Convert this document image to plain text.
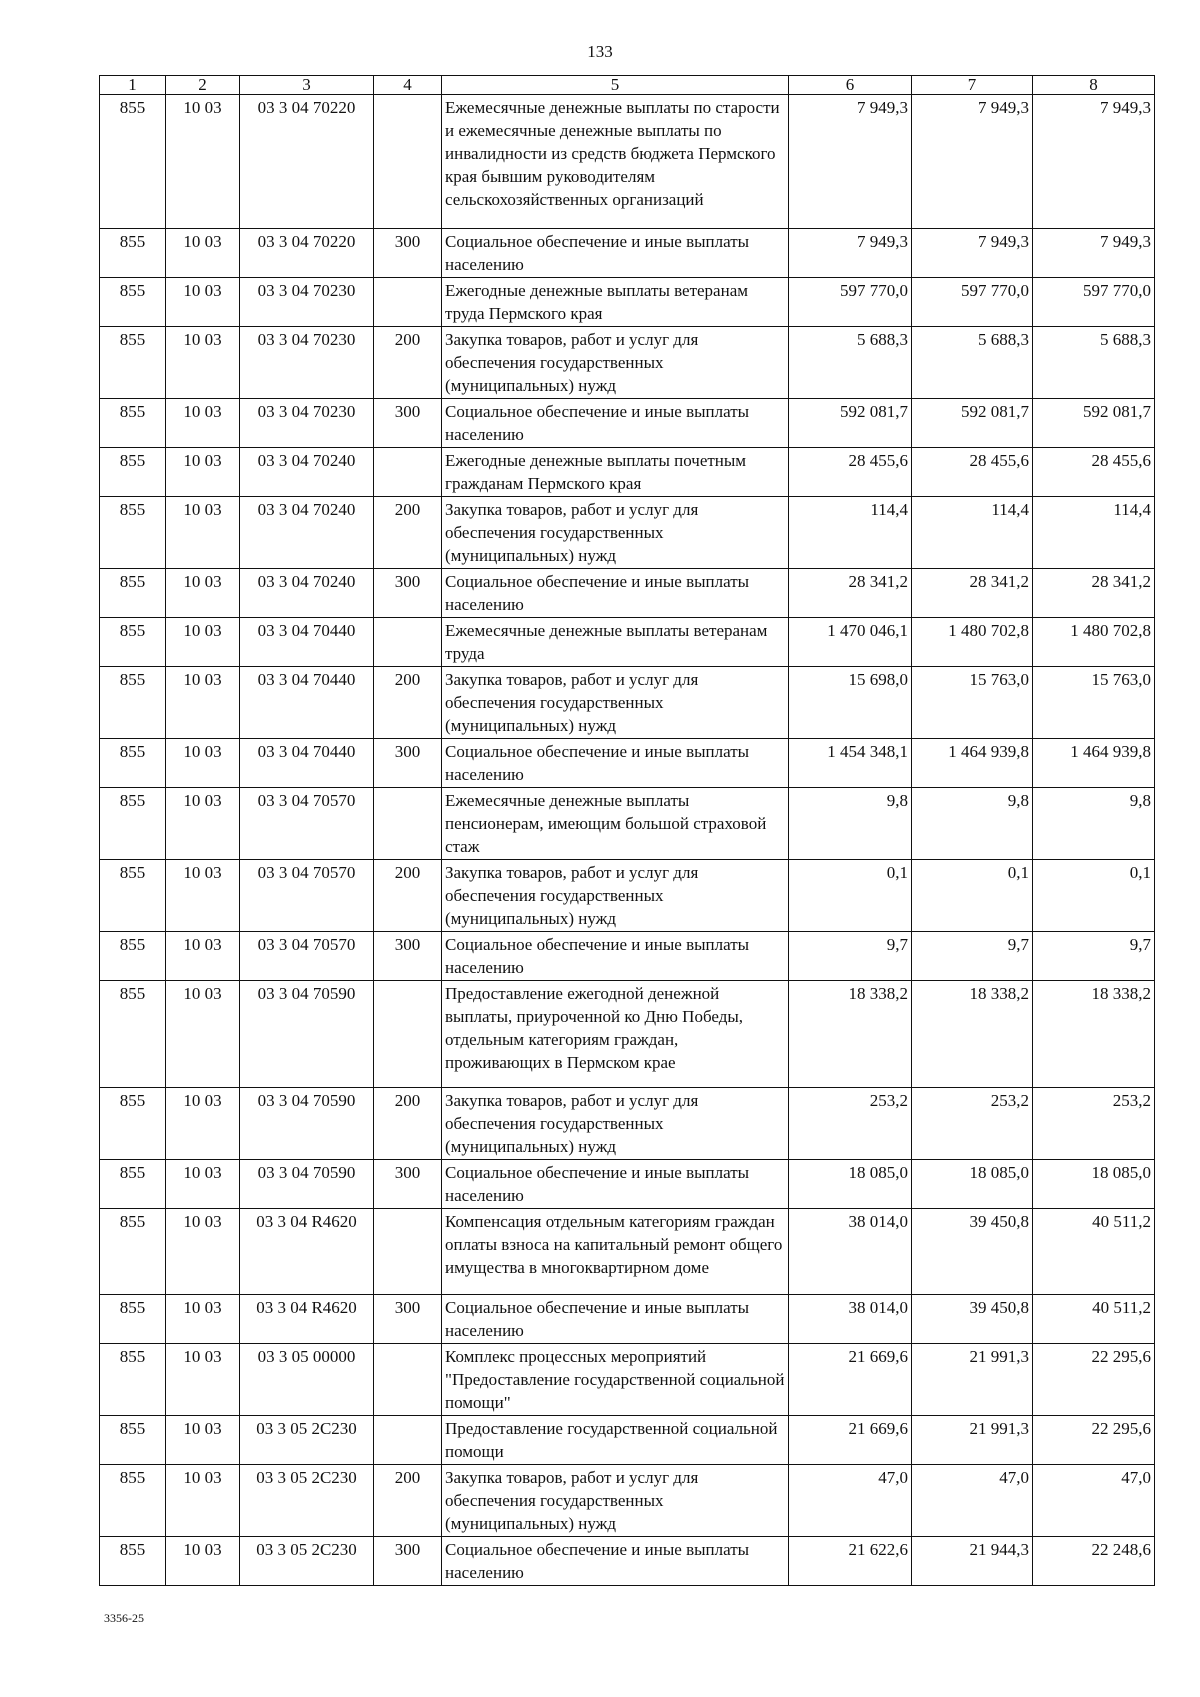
133
1	2	3	4	5	6	7	8
855	10 03	03 3 04 70220		Ежемесячные денежные выплаты по старости и ежемесячные денежные выплаты по инвалидности из средств бюджета Пермского края бывшим руководителям сельскохозяйственных организаций	7 949,3	7 949,3	7 949,3
855	10 03	03 3 04 70220	300	Социальное обеспечение и иные выплаты населению	7 949,3	7 949,3	7 949,3
855	10 03	03 3 04 70230		Ежегодные денежные выплаты ветеранам труда Пермского края	597 770,0	597 770,0	597 770,0
855	10 03	03 3 04 70230	200	Закупка товаров, работ и услуг для обеспечения государственных (муниципальных) нужд	5 688,3	5 688,3	5 688,3
855	10 03	03 3 04 70230	300	Социальное обеспечение и иные выплаты населению	592 081,7	592 081,7	592 081,7
855	10 03	03 3 04 70240		Ежегодные денежные выплаты почетным гражданам Пермского края	28 455,6	28 455,6	28 455,6
855	10 03	03 3 04 70240	200	Закупка товаров, работ и услуг для обеспечения государственных (муниципальных) нужд	114,4	114,4	114,4
855	10 03	03 3 04 70240	300	Социальное обеспечение и иные выплаты населению	28 341,2	28 341,2	28 341,2
855	10 03	03 3 04 70440		Ежемесячные денежные выплаты ветеранам труда	1 470 046,1	1 480 702,8	1 480 702,8
855	10 03	03 3 04 70440	200	Закупка товаров, работ и услуг для обеспечения государственных (муниципальных) нужд	15 698,0	15 763,0	15 763,0
855	10 03	03 3 04 70440	300	Социальное обеспечение и иные выплаты населению	1 454 348,1	1 464 939,8	1 464 939,8
855	10 03	03 3 04 70570		Ежемесячные денежные выплаты пенсионерам, имеющим большой страховой стаж	9,8	9,8	9,8
855	10 03	03 3 04 70570	200	Закупка товаров, работ и услуг для обеспечения государственных (муниципальных) нужд	0,1	0,1	0,1
855	10 03	03 3 04 70570	300	Социальное обеспечение и иные выплаты населению	9,7	9,7	9,7
855	10 03	03 3 04 70590		Предоставление ежегодной денежной выплаты, приуроченной ко Дню Победы, отдельным категориям граждан, проживающих в Пермском крае	18 338,2	18 338,2	18 338,2
855	10 03	03 3 04 70590	200	Закупка товаров, работ и услуг для обеспечения государственных (муниципальных) нужд	253,2	253,2	253,2
855	10 03	03 3 04 70590	300	Социальное обеспечение и иные выплаты населению	18 085,0	18 085,0	18 085,0
855	10 03	03 3 04 R4620		Компенсация отдельным категориям граждан оплаты взноса на капитальный ремонт общего имущества в многоквартирном доме	38 014,0	39 450,8	40 511,2
855	10 03	03 3 04 R4620	300	Социальное обеспечение и иные выплаты населению	38 014,0	39 450,8	40 511,2
855	10 03	03 3 05 00000		Комплекс процессных мероприятий "Предоставление государственной социальной помощи"	21 669,6	21 991,3	22 295,6
855	10 03	03 3 05 2С230		Предоставление государственной социальной помощи	21 669,6	21 991,3	22 295,6
855	10 03	03 3 05 2С230	200	Закупка товаров, работ и услуг для обеспечения государственных (муниципальных) нужд	47,0	47,0	47,0
855	10 03	03 3 05 2С230	300	Социальное обеспечение и иные выплаты населению	21 622,6	21 944,3	22 248,6
3356-25
